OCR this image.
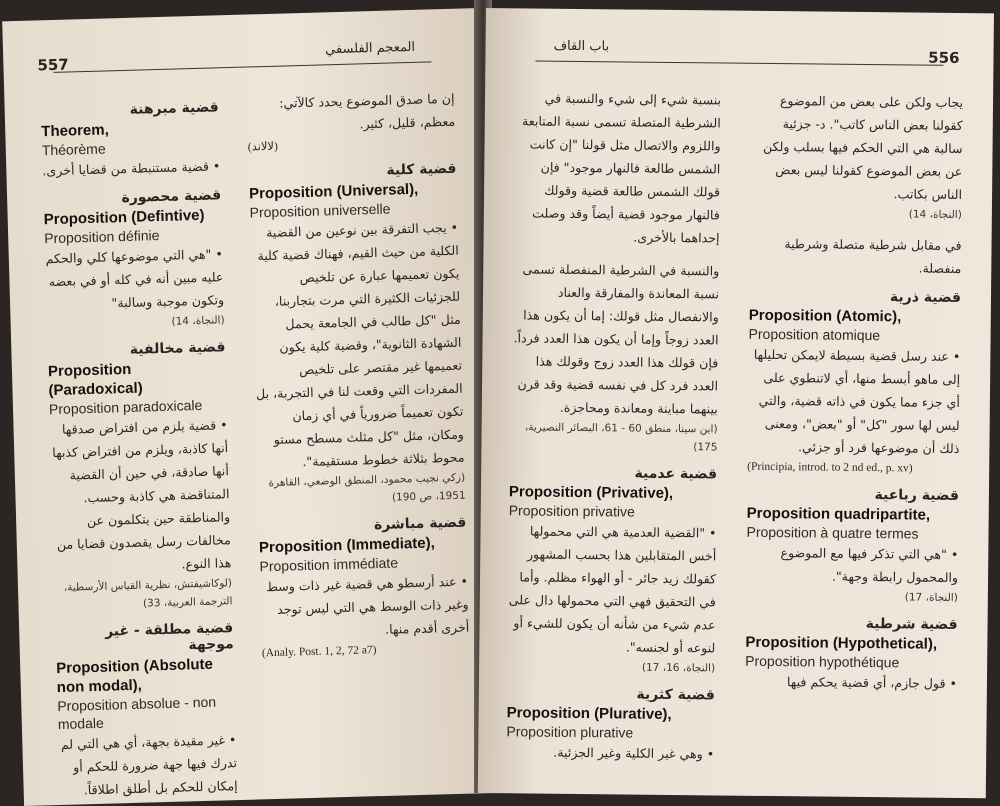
557
المعجم الفلسفي
قضية مبرهنة
Theorem,
Théorème
• قضية مستنبطة من قضايا أخرى.
قضية محصورة
Proposition (Defintive)
Proposition définie
• "هي التي موضوعها كلي والحكم عليه مبين أنه في كله أو في بعضه وتكون موجبة وسالبة"
(النجاة، 14)
قضية مخالفية
Proposition (Paradoxical)
Proposition paradoxicale
• قضية يلزم من افتراض صدقها أنها كاذبة، ويلزم من افتراض كذبها أنها صادقة، في حين أن القضية المتناقضة هي كاذبة وحسب. والمناطقة حين يتكلمون عن مخالفات رسل يقصدون قضايا من هذا النوع.
(لوكاشيفتش، نظرية القياس الأرسطية، الترجمة العربية، 33)
قضية مطلقة - غير موجهة
Proposition (Absolute non modal),
Proposition absolue - non modale
• غير مقيدة بجهة، أي هي التي لم تدرك فيها جهة ضرورة للحكم أو إمكان للحكم بل أطلق اطلاقاً.
إن ما صدق الموضوع يحدد كالآتي: معظم، قليل، كثير.
(لالاند)
قضية كلية
Proposition (Universal),
Proposition universelle
• يجب التفرقة بين نوعين من القضية الكلية من حيث القيم، فهناك قضية كلية يكون تعميمها عبارة عن تلخيص للجزئيات الكثيرة التي مرت بتجاربنا، مثل "كل طالب في الجامعة يحمل الشهادة الثانوية"، وقضية كلية يكون تعميمها غير مقتصر على تلخيص المفردات التي وقعت لنا في التجربة، بل تكون تعميماً ضرورياً في أي زمان ومكان، مثل "كل مثلث مسطح مستو محوط بثلاثة خطوط مستقيمة".
(زكي نجيب محمود، المنطق الوضعي، القاهرة 1951، ص 190)
قضية مباشرة
Proposition (Immediate),
Proposition immédiate
• عند أرسطو هي قضية غير ذات وسط وغير ذات الوسط هي التي ليس توجد أخرى أقدم منها.
(Analy. Post. 1, 2, 72 a7)
556
باب القاف
بنسبة شيء إلى شيء والنسبة في الشرطية المتصلة تسمى نسبة المتابعة واللزوم والاتصال مثل قولنا "إن كانت الشمس طالعة فالنهار موجود" فإن قولك الشمس طالعة قضية وقولك فالنهار موجود قضية أيضاً وقد وصلت إحداهما بالأخرى.
والنسبة في الشرطية المنفصلة تسمى نسبة المعاندة والمفارقة والعناد والانفصال مثل قولك: إما أن يكون هذا العدد زوجاً وإما أن يكون هذا العدد فرداً. فإن قولك هذا العدد زوج وقولك هذا العدد فرد كل في نفسه قضية وقد قرن بينهما مباينة ومعاندة ومحاجزة.
(ابن سينا، منطق 60 - 61، البصائر النصيرية، 175)
قضية عدمية
Proposition (Privative),
Proposition privative
• "القضية العدمية هي التي محمولها أخس المتقابلين هذا بحسب المشهور كقولك زيد جائر - أو الهواء مظلم. وأما في التحقيق فهي التي محمولها دال على عدم شيء من شأنه أن يكون للشيء أو لنوعه أو لجنسه".
(النجاة، 16، 17)
قضية كثرية
Proposition (Plurative),
Proposition plurative
• وهي غير الكلية وغير الجزئية.
يجاب ولكن على بعض من الموضوع كقولنا بعض الناس كاتب". د- جزئية سالبة هي التي الحكم فيها بسلب ولكن عن بعض الموضوع كقولنا ليس بعض الناس بكاتب.
(النجاة، 14)
في مقابل شرطية متصلة وشرطية منفصلة.
قضية ذرية
Proposition (Atomic),
Proposition atomique
• عند رسل قضية بسيطة لايمكن تحليلها إلى ماهو أبسط منها، أي لاتنطوي على أي جزء مما يكون في ذاته قضية، والتي ليس لها سور "كل" أو "بعض"، ومعنى ذلك أن موضوعها فرد أو جزئي.
(Principia, introd. to 2 nd ed., p. xv)
قضية رباعية
Proposition quadripartite,
Proposition à quatre termes
• "هي التي تذكر فيها مع الموضوع والمحمول رابطة وجهة".
(النجاة، 17)
قضية شرطية
Proposition (Hypothetical),
Proposition hypothétique
• قول جازم، أي قضية يحكم فيها
